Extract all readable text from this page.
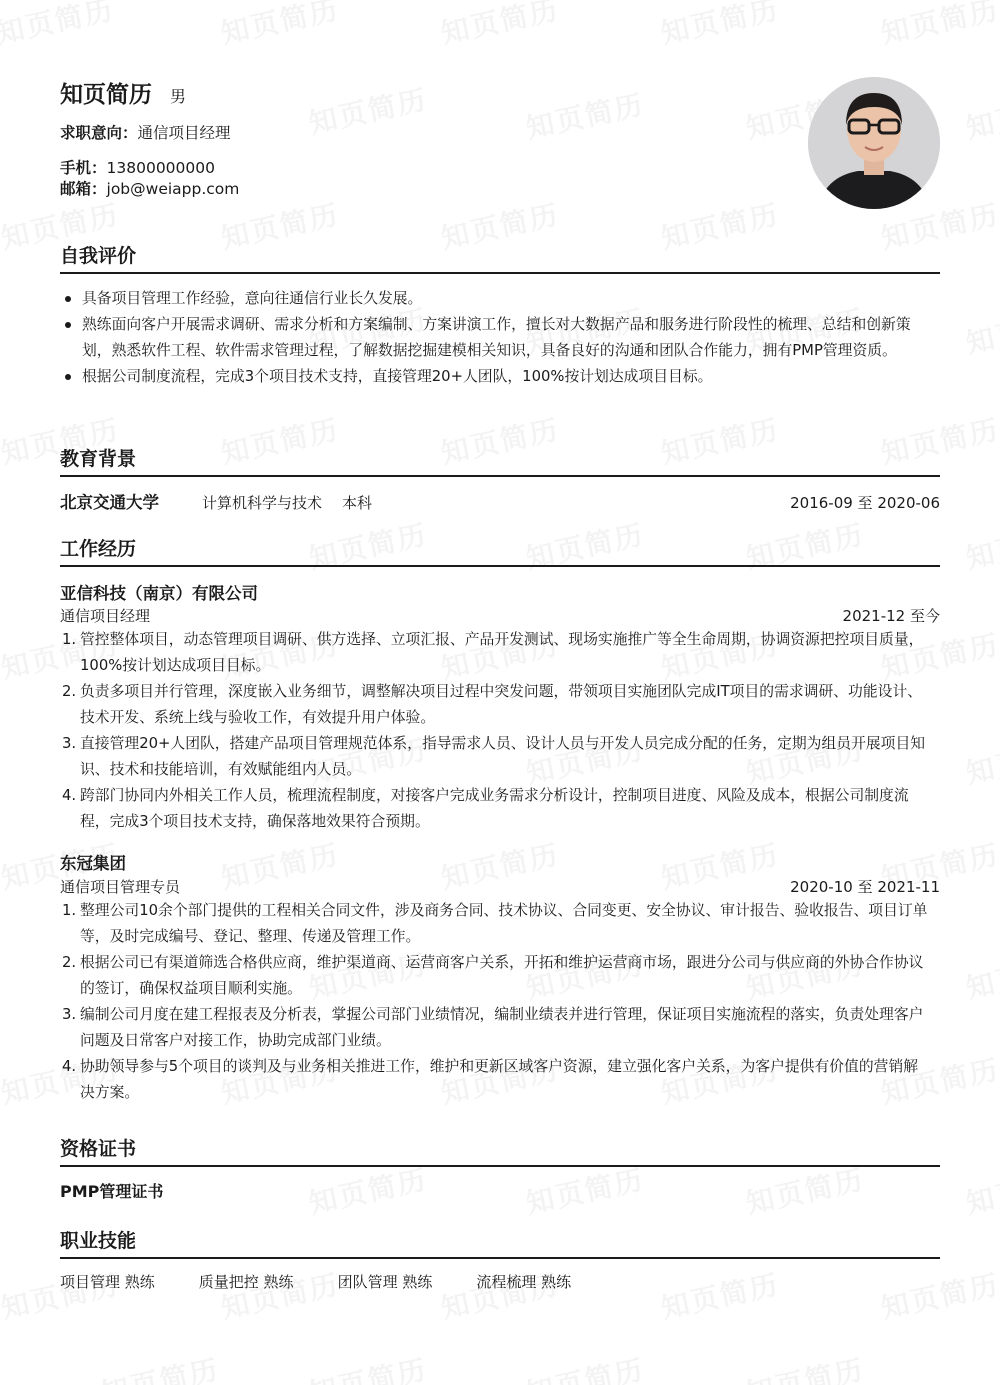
知页简历 男
求职意向：通信项目经理
手机：13800000000
邮箱：job@weiapp.com
自我评价
具备项目管理工作经验，意向往通信行业长久发展。
熟练面向客户开展需求调研、需求分析和方案编制、方案讲演工作，擅长对大数据产品和服务进行阶段性的梳理、总结和创新策划，熟悉软件工程、软件需求管理过程，了解数据挖掘建模相关知识，具备良好的沟通和团队合作能力，拥有PMP管理资质。
根据公司制度流程，完成3个项目技术支持，直接管理20+人团队，100%按计划达成项目目标。
教育背景
北京交通大学	计算机科学与技术 本科	2016-09 至 2020-06
工作经历
亚信科技（南京）有限公司
通信项目经理	2021-12 至今
1. 管控整体项目，动态管理项目调研、供方选择、立项汇报、产品开发测试、现场实施推广等全生命周期，协调资源把控项目质量，100%按计划达成项目目标。
2. 负责多项目并行管理，深度嵌入业务细节，调整解决项目过程中突发问题，带领项目实施团队完成IT项目的需求调研、功能设计、技术开发、系统上线与验收工作，有效提升用户体验。
3. 直接管理20+人团队，搭建产品项目管理规范体系，指导需求人员、设计人员与开发人员完成分配的任务，定期为组员开展项目知识、技术和技能培训，有效赋能组内人员。
4. 跨部门协同内外相关工作人员，梳理流程制度，对接客户完成业务需求分析设计，控制项目进度、风险及成本，根据公司制度流程，完成3个项目技术支持，确保落地效果符合预期。
东冠集团
通信项目管理专员	2020-10 至 2021-11
1. 整理公司10余个部门提供的工程相关合同文件，涉及商务合同、技术协议、合同变更、安全协议、审计报告、验收报告、项目订单等，及时完成编号、登记、整理、传递及管理工作。
2. 根据公司已有渠道筛选合格供应商，维护渠道商、运营商客户关系，开拓和维护运营商市场，跟进分公司与供应商的外协合作协议的签订，确保权益项目顺利实施。
3. 编制公司月度在建工程报表及分析表，掌握公司部门业绩情况，编制业绩表并进行管理，保证项目实施流程的落实，负责处理客户问题及日常客户对接工作，协助完成部门业绩。
4. 协助领导参与5个项目的谈判及与业务相关推进工作，维护和更新区域客户资源，建立强化客户关系，为客户提供有价值的营销解决方案。
资格证书
PMP管理证书
职业技能
项目管理 熟练	质量把控 熟练	团队管理 熟练	流程梳理 熟练
